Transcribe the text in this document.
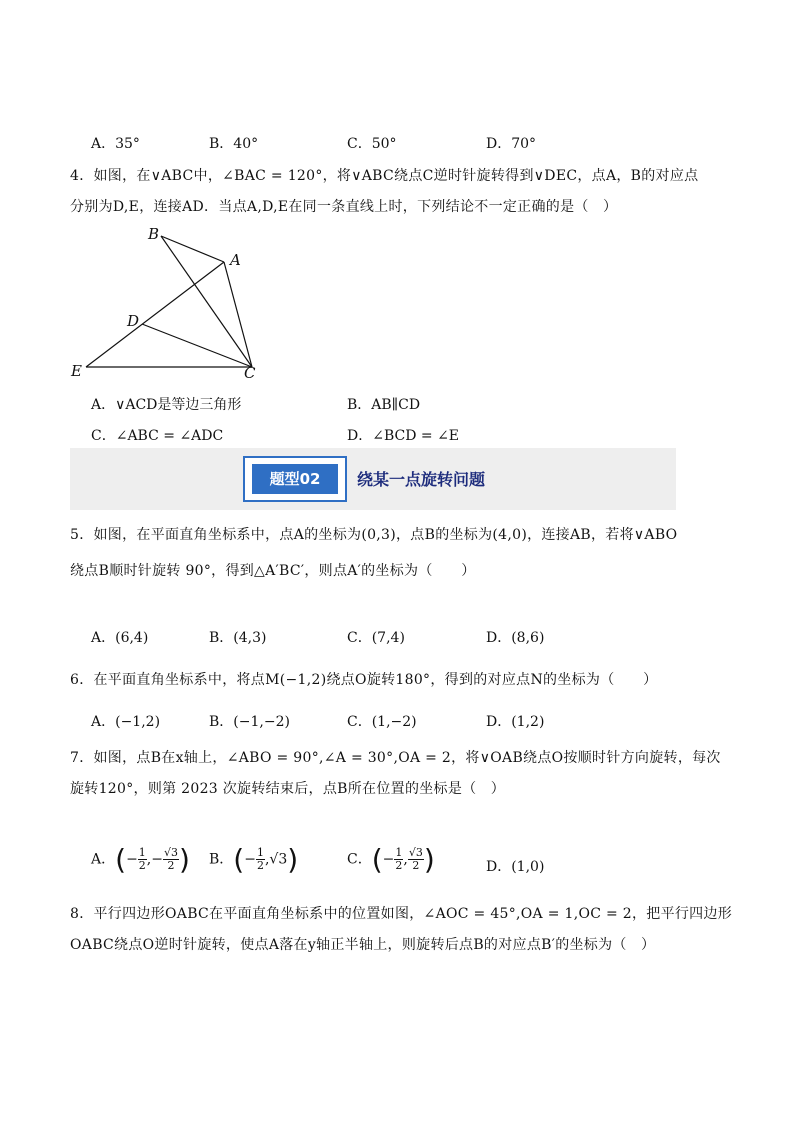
A．35°	B．40°	C．50°	D．70°
4．如图，在∨ABC中，∠BAC = 120°，将∨ABC绕点C逆时针旋转得到∨DEC，点A，B的对应点
分别为D,E，连接AD．当点A,D,E在同一条直线上时，下列结论不一定正确的是（　）
B
A
D
E	C
A．∨ACD是等边三角形	B．AB∥CD
C．∠ABC = ∠ADC	D．∠BCD = ∠E
题型02	绕某一点旋转问题
5．如图，在平面直角坐标系中，点A的坐标为(0,3)，点B的坐标为(4,0)，连接AB，若将∨ABO
绕点B顺时针旋转 90°，得到△A′BC′，则点A′的坐标为（　　）
A．(6,4)	B．(4,3)	C．(7,4)	D．(8,6)
6．在平面直角坐标系中，将点M(−1,2)绕点O旋转180°，得到的对应点N的坐标为（　　）
A．(−1,2)	B．(−1,−2)	C．(1,−2)	D．(1,2)
7．如图，点B在x轴上，∠ABO = 90°,∠A = 30°,OA = 2，将∨OAB绕点O按顺时针方向旋转，每次
旋转120°，则第 2023 次旋转结束后，点B所在位置的坐标是（　）
A．(− $\frac{1}{2}$ ,− $\frac{√3}{2}$ ) B．(− $\frac{1}{2} ,√3$)	C．(− $\frac{1}{2}$ , $\frac{√3}{2}$ )	D．(1,0)
8．平行四边形OABC在平面直角坐标系中的位置如图，∠AOC = 45°,OA = 1,OC = 2，把平行四边形
OABC绕点O逆时针旋转，使点A落在y轴正半轴上，则旋转后点B的对应点B′的坐标为（　）
